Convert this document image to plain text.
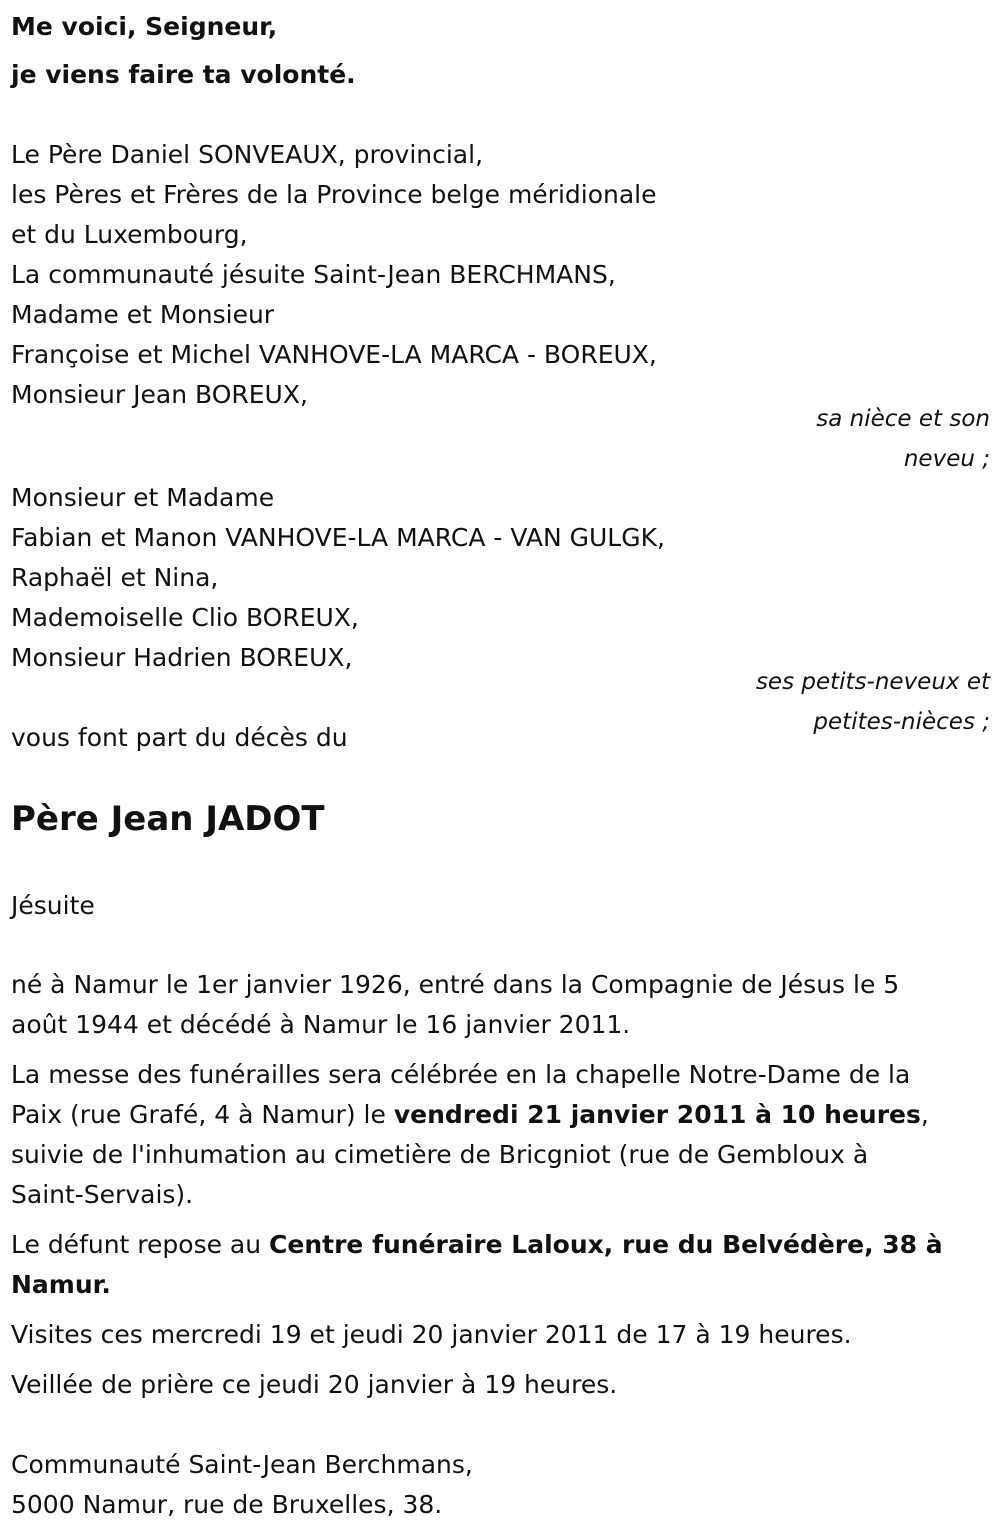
Me voici, Seigneur,
je viens faire ta volonté.
Le Père Daniel SONVEAUX, provincial,
les Pères et Frères de la Province belge méridionale
et du Luxembourg,
La communauté jésuite Saint-Jean BERCHMANS,
Madame et Monsieur
Françoise et Michel VANHOVE-LA MARCA - BOREUX,
Monsieur Jean BOREUX,
sa nièce et son
neveu ;
Monsieur et Madame
Fabian et Manon VANHOVE-LA MARCA - VAN GULGK,
Raphaël et Nina,
Mademoiselle Clio BOREUX,
Monsieur Hadrien BOREUX,
ses petits-neveux et
petites-nièces ;
vous font part du décès du
Père Jean JADOT
Jésuite
né à Namur le 1er janvier 1926, entré dans la Compagnie de Jésus le 5
août 1944 et décédé à Namur le 16 janvier 2011.
La messe des funérailles sera célébrée en la chapelle Notre-Dame de la
Paix (rue Grafé, 4 à Namur) le vendredi 21 janvier 2011 à 10 heures,
suivie de l'inhumation au cimetière de Bricgniot (rue de Gembloux à
Saint-Servais).
Le défunt repose au Centre funéraire Laloux, rue du Belvédère, 38 à
Namur.
Visites ces mercredi 19 et jeudi 20 janvier 2011 de 17 à 19 heures.
Veillée de prière ce jeudi 20 janvier à 19 heures.
Communauté Saint-Jean Berchmans,
5000 Namur, rue de Bruxelles, 38.
